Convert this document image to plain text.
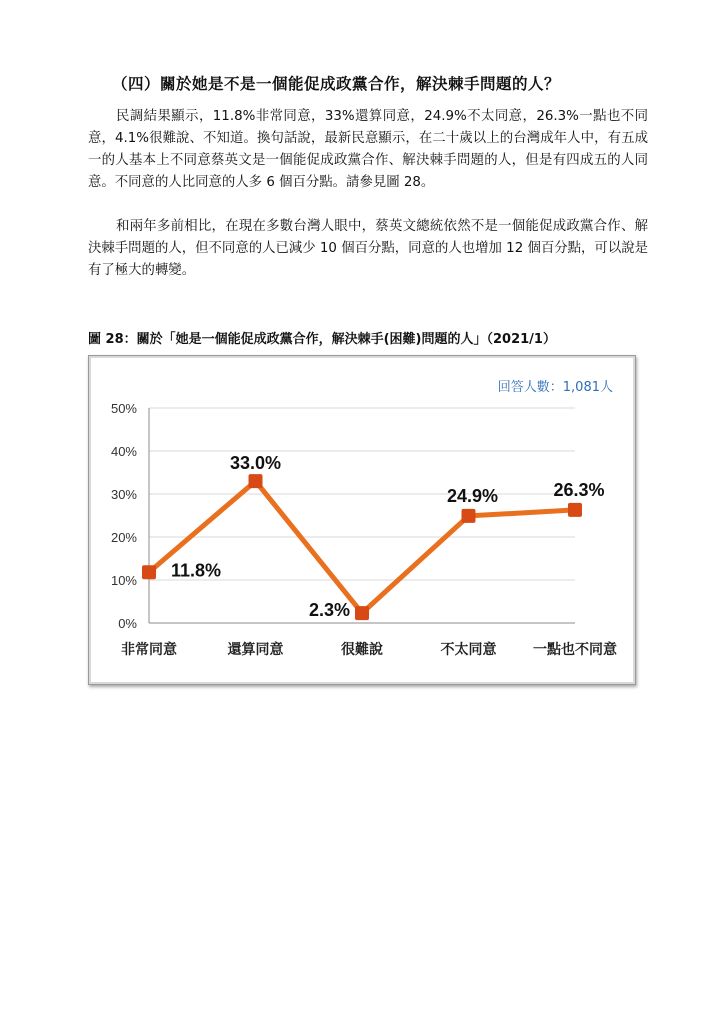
（四）關於她是不是一個能促成政黨合作，解決棘手問題的人？
民調結果顯示，11.8%非常同意，33%還算同意，24.9%不太同意，26.3%一點也不同意，4.1%很難說、不知道。換句話說，最新民意顯示，在二十歲以上的台灣成年人中，有五成一的人基本上不同意蔡英文是一個能促成政黨合作、解決棘手問題的人，但是有四成五的人同意。不同意的人比同意的人多 6 個百分點。請參見圖 28。
和兩年多前相比，在現在多數台灣人眼中，蔡英文總統依然不是一個能促成政黨合作、解決棘手問題的人，但不同意的人已減少 10 個百分點，同意的人也增加 12 個百分點，可以說是有了極大的轉變。
圖 28：關於「她是一個能促成政黨合作，解決棘手(困難)問題的人」（2021/1）
回答人數：1,081人
0%
10%
20%
30%
40%
50%
非常同意	還算同意	很難說	不太同意	一點也不同意
11.8%
33.0%
2.3%
24.9%	26.3%
